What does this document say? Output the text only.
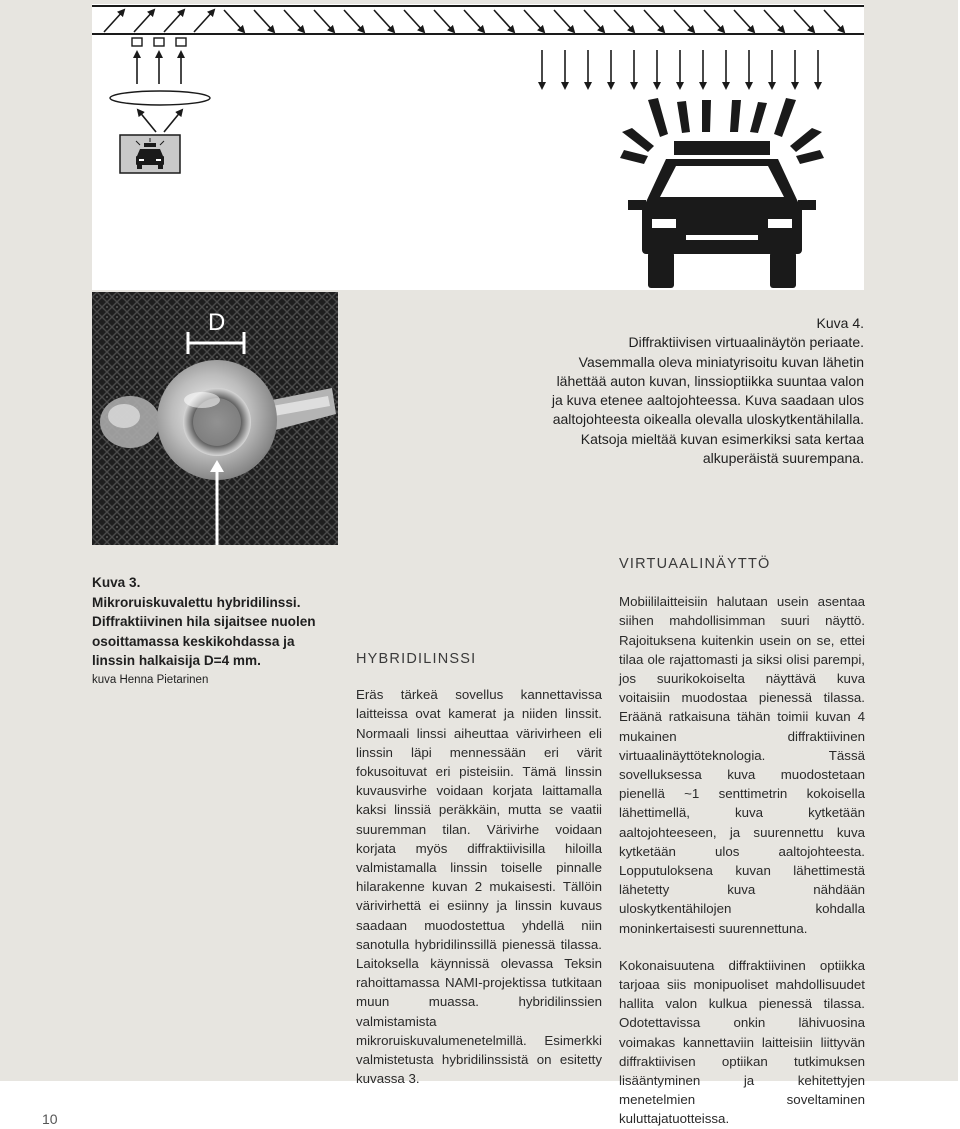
D	Kuva 4.
Diffraktiivisen virtuaalinäytön periaate.
Vasemmalla oleva miniatyrisoitu kuvan lähetin
lähettää auton kuvan, linssioptiikka suuntaa valon
ja kuva etenee aaltojohteessa. Kuva saadaan ulos
aaltojohteesta oikealla olevalla uloskytkentähilalla.
Katsoja mieltää kuvan esimerkiksi sata kertaa
alkuperäistä suurempana.
Kuva 3.
Mikroruiskuvalettu hybridilinssi.
Diffraktiivinen hila sijaitsee nuolen
osoittamassa keskikohdassa ja
linssin halkaisija D=4 mm.
kuva Henna Pietarinen
HYBRIDILINSSI

Eräs tärkeä sovellus kannettavissa laitteissa ovat kamerat ja niiden linssit. Normaali linssi aiheuttaa värivirheen eli linssin läpi mennessään eri värit fokusoituvat eri pisteisiin. Tämä linssin kuvausvirhe voidaan korjata laittamalla kaksi linssiä peräkkäin, mutta se vaatii suuremman tilan. Värivirhe voidaan korjata myös diffraktiivisilla hiloilla valmistamalla linssin toiselle pinnalle hilarakenne kuvan 2 mukaisesti. Tällöin värivirhettä ei esiinny ja linssin kuvaus saadaan muodostettua yhdellä niin sanotulla hybridilinssillä pienessä tilassa. Laitoksella käynnissä olevassa Teksin rahoittamassa NAMI-projektissa tutkitaan muun muassa. hybridilinssien valmistamista mikroruiskuvalumenetelmillä. Esimerkki valmistetusta hybridilinssistä on esitetty kuvassa 3.

VIRTUAALINÄYTTÖ

Mobiililaitteisiin halutaan usein asentaa siihen mahdollisimman suuri näyttö. Rajoituksena kuitenkin usein on se, ettei tilaa ole rajattomasti ja siksi olisi parempi, jos suurikokoiselta näyttävä kuva voitaisiin muodostaa pienessä tilassa. Eräänä ratkaisuna tähän toimii kuvan 4 mukainen diffraktiivinen virtuaalinäyttöteknologia. Tässä sovelluksessa kuva muodostetaan pienellä ~1 senttimetrin kokoisella lähettimellä, kuva kytketään aaltojohteeseen, ja suurennettu kuva kytketään ulos aaltojohteesta. Lopputuloksena kuvan lähettimestä lähetetty kuva nähdään uloskytkentähilojen kohdalla moninkertaisesti suurennettuna.

Kokonaisuutena diffraktiivinen optiikka tarjoaa siis monipuoliset mahdollisuudet hallita valon kulkua pienessä tilassa. Odotettavissa onkin lähivuosina voimakas kannettaviin laitteisiin liittyvän diffraktiivisen optiikan tutkimuksen lisääntyminen ja kehitettyjen menetelmien soveltaminen kuluttajatuotteissa.

10
